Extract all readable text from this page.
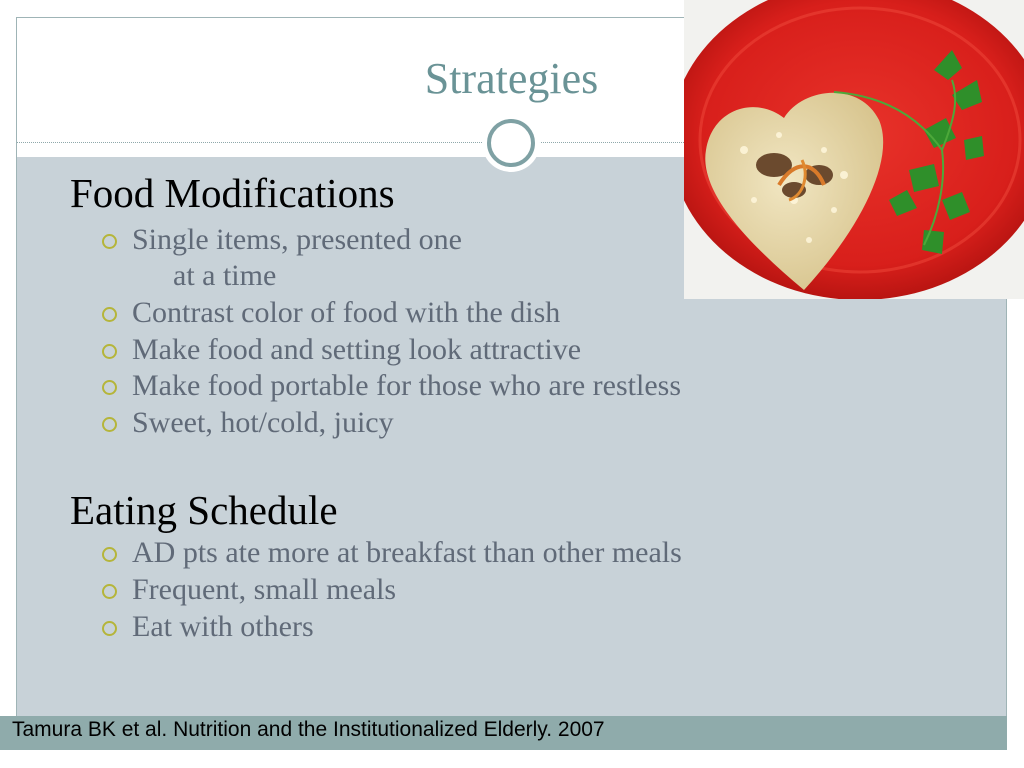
Strategies
Food Modifications
Single items, presented one
at a time
Contrast color of food with the dish
Make food and setting look attractive
Make food portable for those who are restless
Sweet, hot/cold, juicy
Eating Schedule
AD pts ate more at breakfast than other meals
Frequent, small meals
Eat with others
Tamura BK et al. Nutrition and the Institutionalized Elderly. 2007
